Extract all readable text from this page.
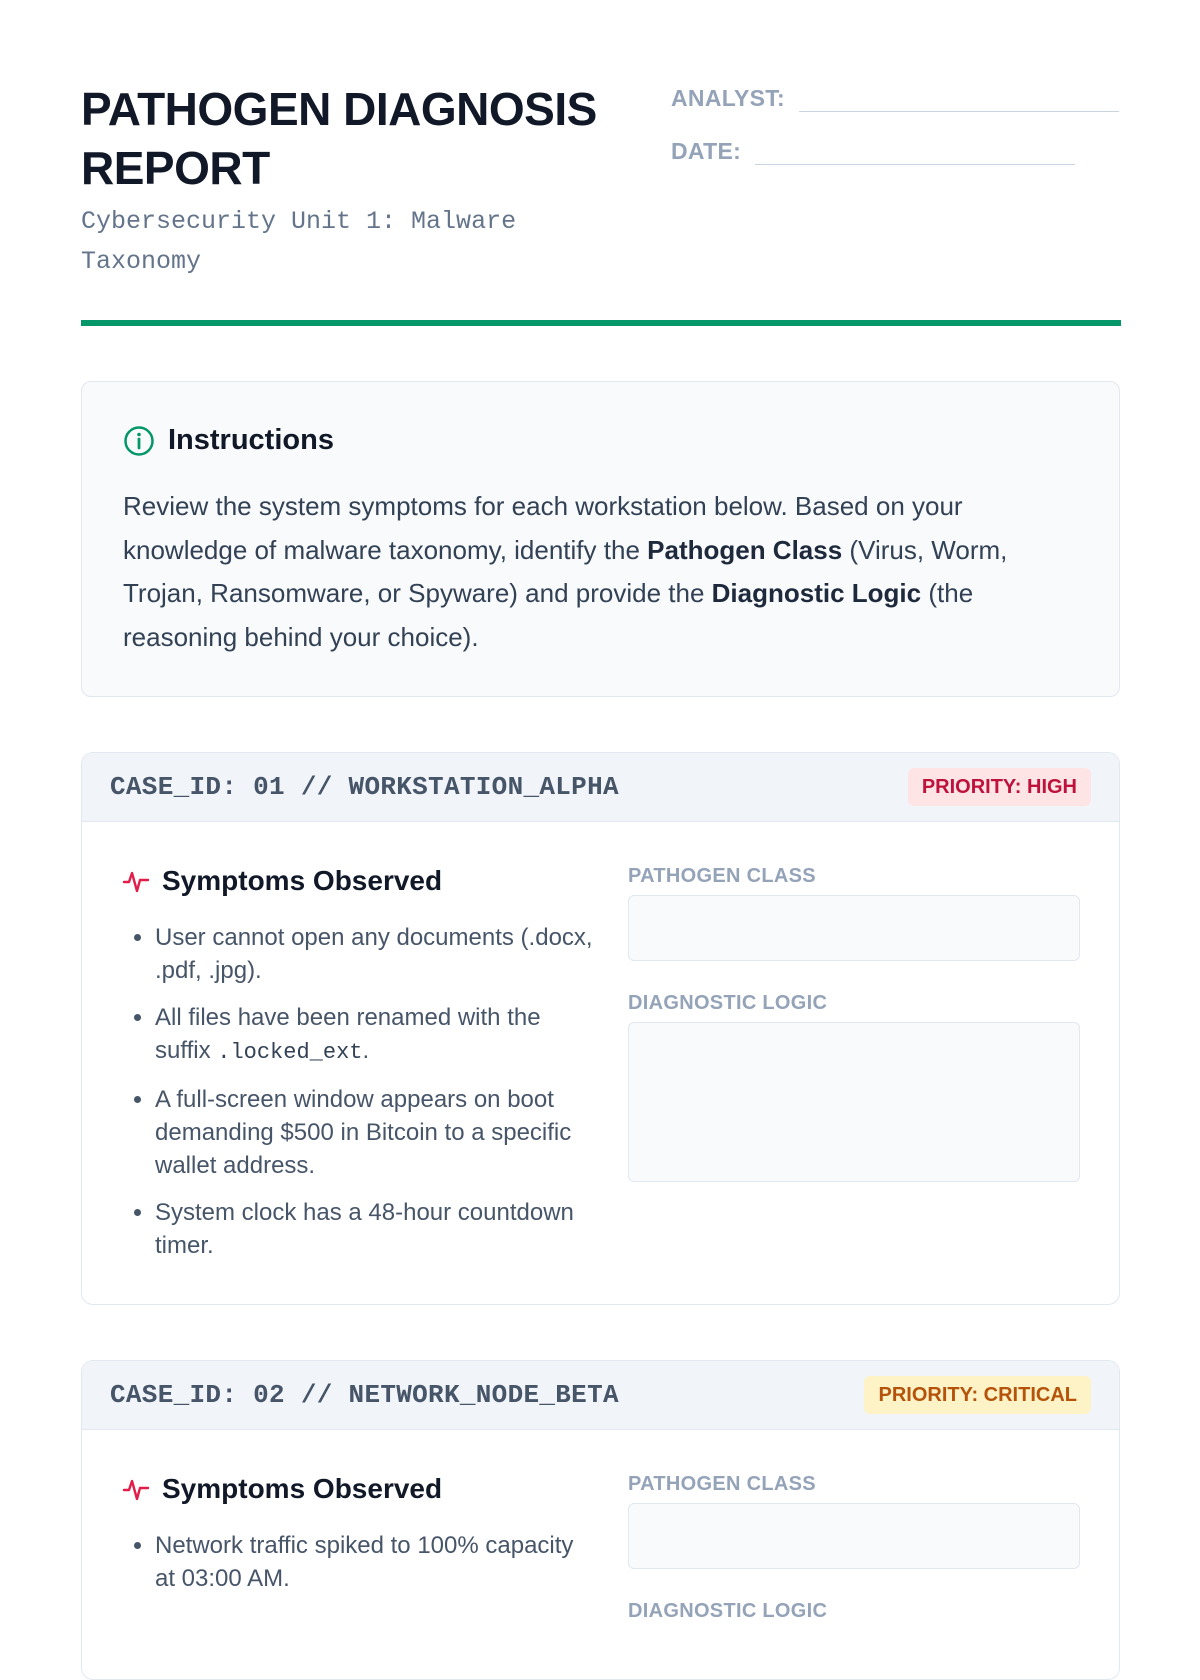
PATHOGEN DIAGNOSIS REPORT
Cybersecurity Unit 1: Malware Taxonomy
ANALYST:
DATE:
Instructions

Review the system symptoms for each workstation below. Based on your knowledge of malware taxonomy, identify the Pathogen Class (Virus, Worm, Trojan, Ransomware, or Spyware) and provide the Diagnostic Logic (the reasoning behind your choice).

CASE_ID: 01 // WORKSTATION_ALPHA	PRIORITY: HIGH
Symptoms Observed
• User cannot open any documents (.docx, .pdf, .jpg).
• All files have been renamed with the suffix .locked_ext.
• A full-screen window appears on boot demanding $500 in Bitcoin to a specific wallet address.
• System clock has a 48-hour countdown timer.
PATHOGEN CLASS
DIAGNOSTIC LOGIC
CASE_ID: 02 // NETWORK_NODE_BETA	PRIORITY: CRITICAL
Symptoms Observed
• Network traffic spiked to 100% capacity at 03:00 AM.
PATHOGEN CLASS
DIAGNOSTIC LOGIC
